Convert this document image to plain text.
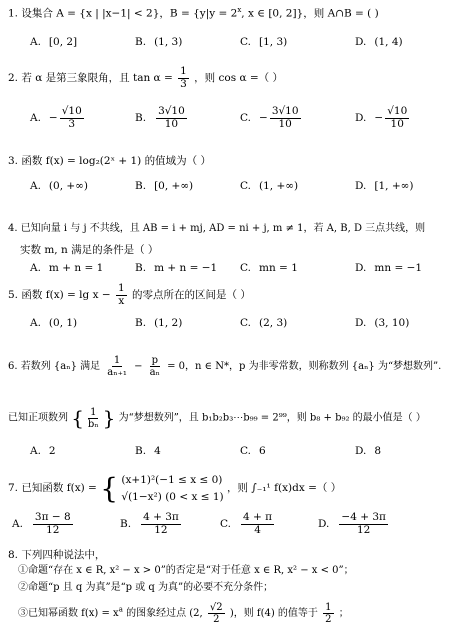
1. 设集合 A = {x | |x−1| < 2}，$B = \{y|y = 2^x$, x ∈ [0, 2]}，则 A∩B = ( )
A. [0, 2]	B. (1, 3)	C. [1, 3)	D. (1, 4)
2. 若 α 是第三象限角，且 $\tan \alpha = \frac{1}{3}$ ，则 cos α =（ ）
A. − $\frac{√10}{3}$	B. $\frac{3√10}{10}$	C. − $\frac{3√10}{10}$	D. − $\frac{√10}{10}$
3. 函数 f(x) = log₂(2ˣ + 1) 的值域为（ ）
A. (0, +∞)	B. [0, +∞)	C. (1, +∞)	D. [1, +∞)
4. 已知向量 i 与 j 不共线，且 AB = i + mj, AD = ni + j, m ≠ 1，若 A, B, D 三点共线，则
实数 m, n 满足的条件是（ ）
A. m + n = 1	B. m + n = −1 C. mn = 1	D. mn = −1
5. 函数 $f(x) = \lg x - \frac{1}{x}$ 的零点所在的区间是（ ）
A. (0, 1)	B. (1, 2)	C. (2, 3)	D. (3, 10)
6. 若数列 {aₙ} 满足 $\frac{1}{\text{aₙ₊₁}} - \frac{p}{\text{aₙ}} = 0$，n ∈ N*，p 为非零常数，则称数列 {aₙ} 为“梦想数列”.
已知正项数列 { $\frac{1}{\text{bₙ}}$ } 为“梦想数列”，且 b₁b₂b₃⋯b₉₉ = 2⁹⁹，则 b₈ + b₉₂ 的最小值是（ ）
A. 2	B. 4	C. 6	D. 8
7. 已知函数 f(x) = { (x+1)²(−1 ≤ x ≤ 0)
√(1−x²) (0 < x ≤ 1) ，则 ∫₋₁¹ f(x)dx =（ ）
A. $\frac{3\pi - 8}{12}$	B. $\frac{4 + 3\pi}{12}$	C. $\frac{4 + \pi}{4}$	D. $\frac{-4 + 3\pi}{12}$
8. 下列四种说法中，
①命题“存在 x ∈ R, x² − x > 0”的否定是“对于任意 x ∈ R, x² − x < 0”；
②命题“p 且 q 为真”是“p 或 q 为真”的必要不充分条件；
③已知幂函数 $f(x) = x^a$ 的图象经过点 (2, $\frac{√2}{2}$ )，则 f(4) 的值等于 $\frac{1}{2}$ ；
